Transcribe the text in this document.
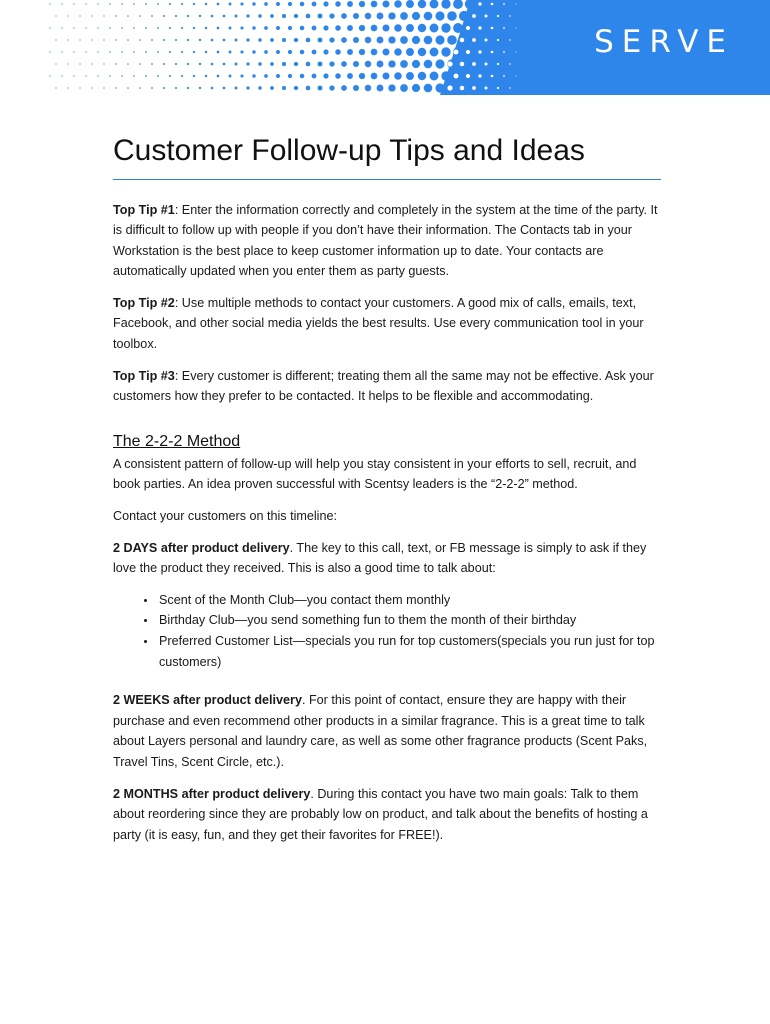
SERVE
Customer Follow-up Tips and Ideas

Top Tip #1: Enter the information correctly and completely in the system at the time of the party. It is difficult to follow up with people if you don’t have their information. The Contacts tab in your Workstation is the best place to keep customer information up to date. Your contacts are automatically updated when you enter them as party guests.

Top Tip #2: Use multiple methods to contact your customers. A good mix of calls, emails, text, Facebook, and other social media yields the best results. Use every communication tool in your toolbox.

Top Tip #3: Every customer is different; treating them all the same may not be effective. Ask your customers how they prefer to be contacted. It helps to be flexible and accommodating.

The 2-2-2 Method

A consistent pattern of follow-up will help you stay consistent in your efforts to sell, recruit, and book parties. An idea proven successful with Scentsy leaders is the “2-2-2” method.

Contact your customers on this timeline:

2 DAYS after product delivery. The key to this call, text, or FB message is simply to ask if they love the product they received. This is also a good time to talk about:

• Scent of the Month Club—you contact them monthly
• Birthday Club—you send something fun to them the month of their birthday
• Preferred Customer List—specials you run for top customers(specials you run just for top customers)

2 WEEKS after product delivery. For this point of contact, ensure they are happy with their purchase and even recommend other products in a similar fragrance. This is a great time to talk about Layers personal and laundry care, as well as some other fragrance products (Scent Paks, Travel Tins, Scent Circle, etc.).

2 MONTHS after product delivery. During this contact you have two main goals: Talk to them about reordering since they are probably low on product, and talk about the benefits of hosting a party (it is easy, fun, and they get their favorites for FREE!).
